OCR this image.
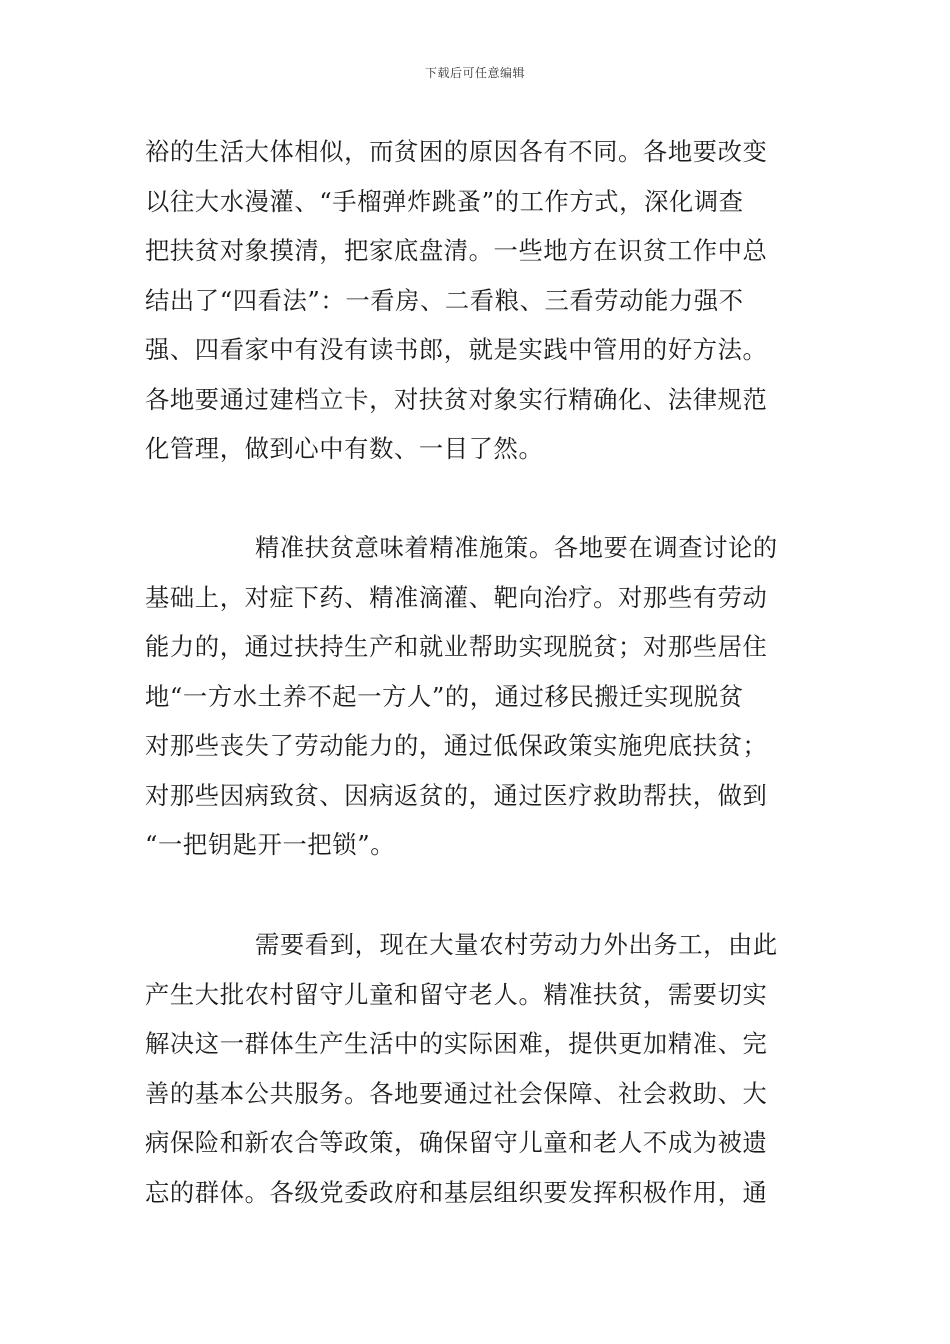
下载后可任意编辑
裕的生活大体相似，而贫困的原因各有不同。各地要改变
以往大水漫灌、“手榴弹炸跳蚤”的工作方式，深化调查
把扶贫对象摸清，把家底盘清。一些地方在识贫工作中总
结出了“四看法”：一看房、二看粮、三看劳动能力强不
强、四看家中有没有读书郎，就是实践中管用的好方法。
各地要通过建档立卡，对扶贫对象实行精确化、法律规范
化管理，做到心中有数、一目了然。
精准扶贫意味着精准施策。各地要在调查讨论的
基础上，对症下药、精准滴灌、靶向治疗。对那些有劳动
能力的，通过扶持生产和就业帮助实现脱贫；对那些居住
地“一方水土养不起一方人”的，通过移民搬迁实现脱贫
对那些丧失了劳动能力的，通过低保政策实施兜底扶贫；
对那些因病致贫、因病返贫的，通过医疗救助帮扶，做到
“一把钥匙开一把锁”。
需要看到，现在大量农村劳动力外出务工，由此
产生大批农村留守儿童和留守老人。精准扶贫，需要切实
解决这一群体生产生活中的实际困难，提供更加精准、完
善的基本公共服务。各地要通过社会保障、社会救助、大
病保险和新农合等政策，确保留守儿童和老人不成为被遗
忘的群体。各级党委政府和基层组织要发挥积极作用，通
